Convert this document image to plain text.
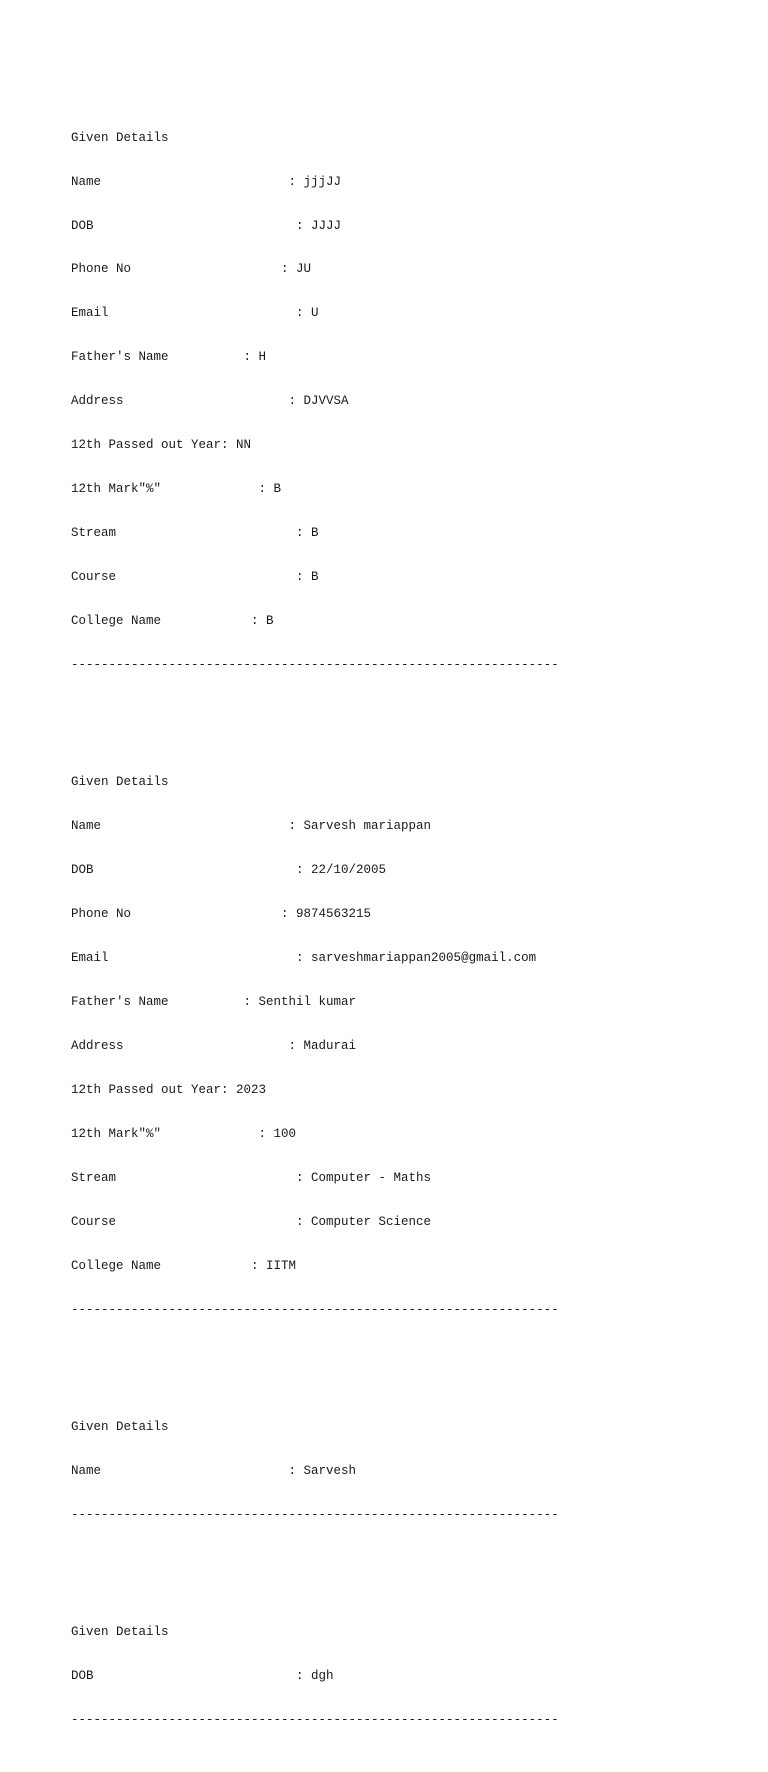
Given Details

Name                         : jjjJJ

DOB                           : JJJJ

Phone No                    : JU

Email                         : U

Father's Name          : H

Address                      : DJVVSA

12th Passed out Year: NN

12th Mark"%"             : B

Stream                        : B

Course                        : B

College Name            : B

-----------------------------------------------------------------

Given Details

Name                         : Sarvesh mariappan

DOB                           : 22/10/2005

Phone No                    : 9874563215

Email                         : sarveshmariappan2005@gmail.com

Father's Name          : Senthil kumar

Address                      : Madurai

12th Passed out Year: 2023

12th Mark"%"             : 100

Stream                        : Computer - Maths

Course                        : Computer Science

College Name            : IITM

-----------------------------------------------------------------

Given Details

Name                         : Sarvesh

-----------------------------------------------------------------

Given Details

DOB                           : dgh

-----------------------------------------------------------------
